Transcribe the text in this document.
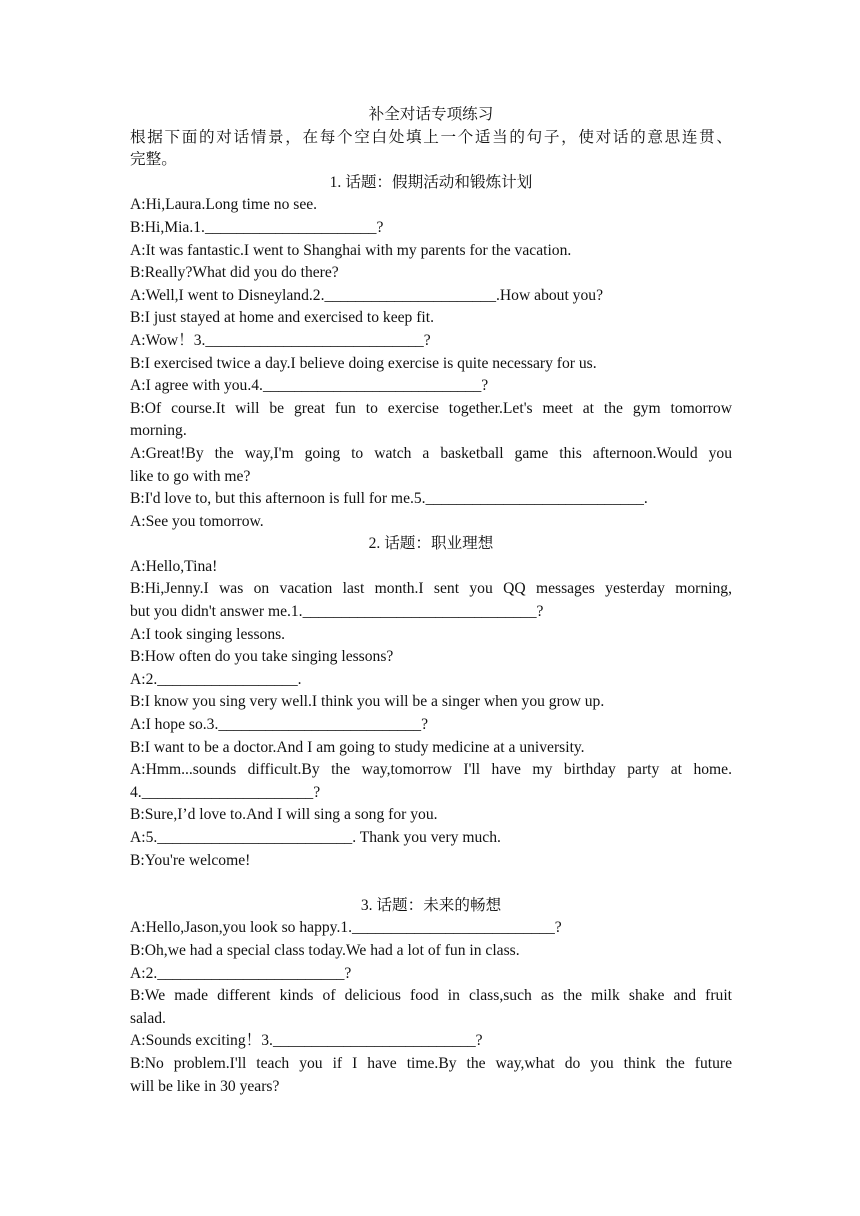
补全对话专项练习
根据下面的对话情景，在每个空白处填上一个适当的句子，使对话的意思连贯、
完整。
1. 话题：假期活动和锻炼计划
A:Hi,Laura.Long time no see.
B:Hi,Mia.1.______________________?
A:It was fantastic.I went to Shanghai with my parents for the vacation.
B:Really?What did you do there?
A:Well,I went to Disneyland.2.______________________.How about you?
B:I just stayed at home and exercised to keep fit.
A:Wow！3.____________________________?
B:I exercised twice a day.I believe doing exercise is quite necessary for us.
A:I agree with you.4.____________________________?
B:Of course.It will be great fun to exercise together.Let's meet at the gym tomorrow
morning.
A:Great!By the way,I'm going to watch a basketball game this afternoon.Would you
like to go with me?
B:I'd love to, but this afternoon is full for me.5.____________________________.
A:See you tomorrow.
2. 话题：职业理想
A:Hello,Tina!
B:Hi,Jenny.I was on vacation last month.I sent you QQ messages yesterday morning,
but you didn't answer me.1.______________________________?
A:I took singing lessons.
B:How often do you take singing lessons?
A:2.__________________.
B:I know you sing very well.I think you will be a singer when you grow up.
A:I hope so.3.__________________________?
B:I want to be a doctor.And I am going to study medicine at a university.
A:Hmm...sounds difficult.By the way,tomorrow I'll have my birthday party at home.
4.______________________?
B:Sure,I’d love to.And I will sing a song for you.
A:5._________________________. Thank you very much.
B:You're welcome!
3. 话题：未来的畅想
A:Hello,Jason,you look so happy.1.__________________________?
B:Oh,we had a special class today.We had a lot of fun in class.
A:2.________________________?
B:We made different kinds of delicious food in class,such as the milk shake and fruit
salad.
A:Sounds exciting！3.__________________________?
B:No problem.I'll teach you if I have time.By the way,what do you think the future
will be like in 30 years?
